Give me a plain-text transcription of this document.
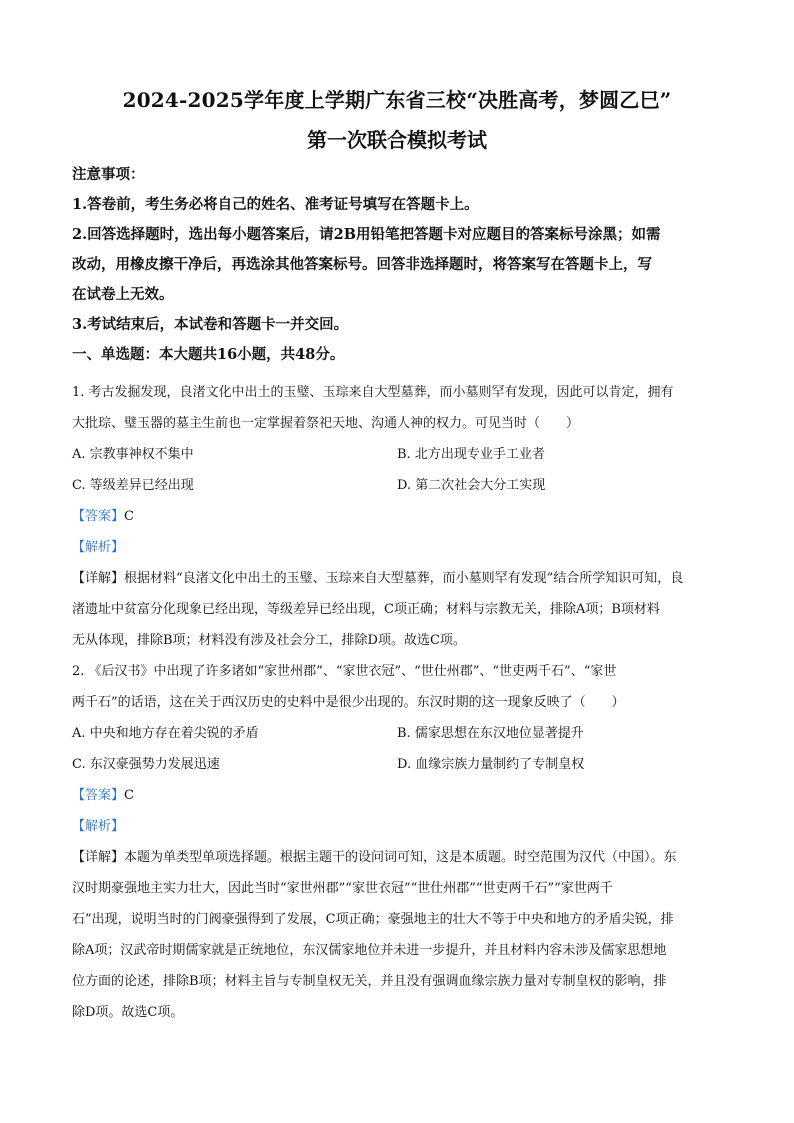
2024-2025学年度上学期广东省三校“决胜高考，梦圆乙巳”
第一次联合模拟考试
注意事项：
1.答卷前，考生务必将自己的姓名、准考证号填写在答题卡上。
2.回答选择题时，选出每小题答案后，请2B用铅笔把答题卡对应题目的答案标号涂黑；如需
改动，用橡皮擦干净后，再选涂其他答案标号。回答非选择题时，将答案写在答题卡上，写
在试卷上无效。
3.考试结束后，本试卷和答题卡一并交回。
一、单选题：本大题共16小题，共48分。
1. 考古发掘发现，良渚文化中出土的玉璧、玉琮来自大型墓葬，而小墓则罕有发现，因此可以肯定，拥有
大批琮、璧玉器的墓主生前也一定掌握着祭祀天地、沟通人神的权力。可见当时（　　）
A. 宗教事神权不集中	B. 北方出现专业手工业者
C. 等级差异已经出现	D. 第二次社会大分工实现
【答案】C
【解析】
【详解】根据材料“良渚文化中出土的玉璧、玉琮来自大型墓葬，而小墓则罕有发现”结合所学知识可知，良
渚遗址中贫富分化现象已经出现，等级差异已经出现，C项正确；材料与宗教无关，排除A项；B项材料
无从体现，排除B项；材料没有涉及社会分工，排除D项。故选C项。
2. 《后汉书》中出现了许多诸如“家世州郡”、“家世衣冠”、“世仕州郡”、“世吏两千石”、“家世
两千石”的话语，这在关于西汉历史的史料中是很少出现的。东汉时期的这一现象反映了（　　）
A. 中央和地方存在着尖锐的矛盾	B. 儒家思想在东汉地位显著提升
C. 东汉豪强势力发展迅速	D. 血缘宗族力量制约了专制皇权
【答案】C
【解析】
【详解】本题为单类型单项选择题。根据主题干的设问词可知，这是本质题。时空范围为汉代（中国）。东
汉时期豪强地主实力壮大，因此当时“家世州郡”“家世衣冠”“世仕州郡”“世吏两千石”“家世两千
石”出现，说明当时的门阀豪强得到了发展，C项正确；豪强地主的壮大不等于中央和地方的矛盾尖锐，排
除A项；汉武帝时期儒家就是正统地位，东汉儒家地位并未进一步提升，并且材料内容未涉及儒家思想地
位方面的论述，排除B项；材料主旨与专制皇权无关，并且没有强调血缘宗族力量对专制皇权的影响，排
除D项。故选C项。
